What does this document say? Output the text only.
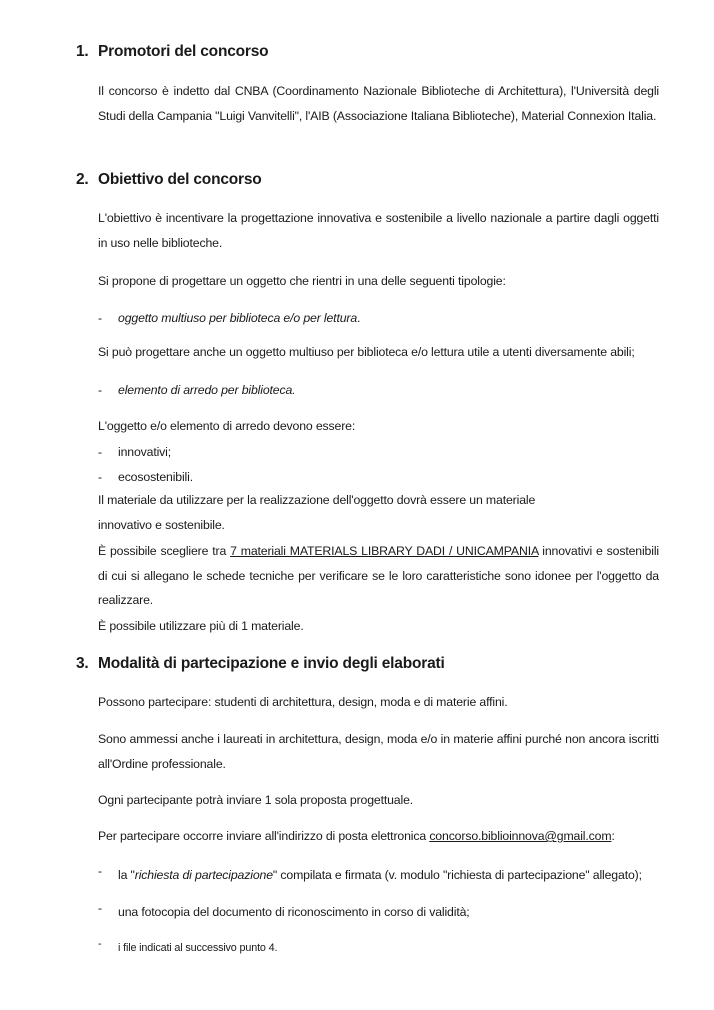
1. Promotori del concorso

Il concorso è indetto dal CNBA (Coordinamento Nazionale Biblioteche di Architettura), l'Università degli Studi della Campania "Luigi Vanvitelli", l'AIB (Associazione Italiana Biblioteche), Material Connexion Italia.

2. Obiettivo del concorso

L'obiettivo è incentivare la progettazione innovativa e sostenibile a livello nazionale a partire dagli oggetti in uso nelle biblioteche.

Si propone di progettare un oggetto che rientri in una delle seguenti tipologie:

-	oggetto multiuso per biblioteca e/o per lettura.

Si può progettare anche un oggetto multiuso per biblioteca e/o lettura utile a utenti diversamente abili;

-	elemento di arredo per biblioteca.

L'oggetto e/o elemento di arredo devono essere:

-	innovativi;
-	ecosostenibili.

Il materiale da utilizzare per la realizzazione dell'oggetto dovrà essere un materiale

innovativo e sostenibile.

È possibile scegliere tra 7 materiali MATERIALS LIBRARY DADI / UNICAMPANIA innovativi e sostenibili di cui si allegano le schede tecniche per verificare se le loro caratteristiche sono idonee per l'oggetto da realizzare.

È possibile utilizzare più di 1 materiale.

3. Modalità di partecipazione e invio degli elaborati

Possono partecipare: studenti di architettura, design, moda e di materie affini.

Sono ammessi anche i laureati in architettura, design, moda e/o in materie affini purché non ancora iscritti all'Ordine professionale.

Ogni partecipante potrà inviare 1 sola proposta progettuale.

Per partecipare occorre inviare all'indirizzo di posta elettronica concorso.biblioinnova@gmail.com:

-	la "richiesta di partecipazione" compilata e firmata (v. modulo "richiesta di partecipazione" allegato);
-	una fotocopia del documento di riconoscimento in corso di validità;
-	i file indicati al successivo punto 4.
